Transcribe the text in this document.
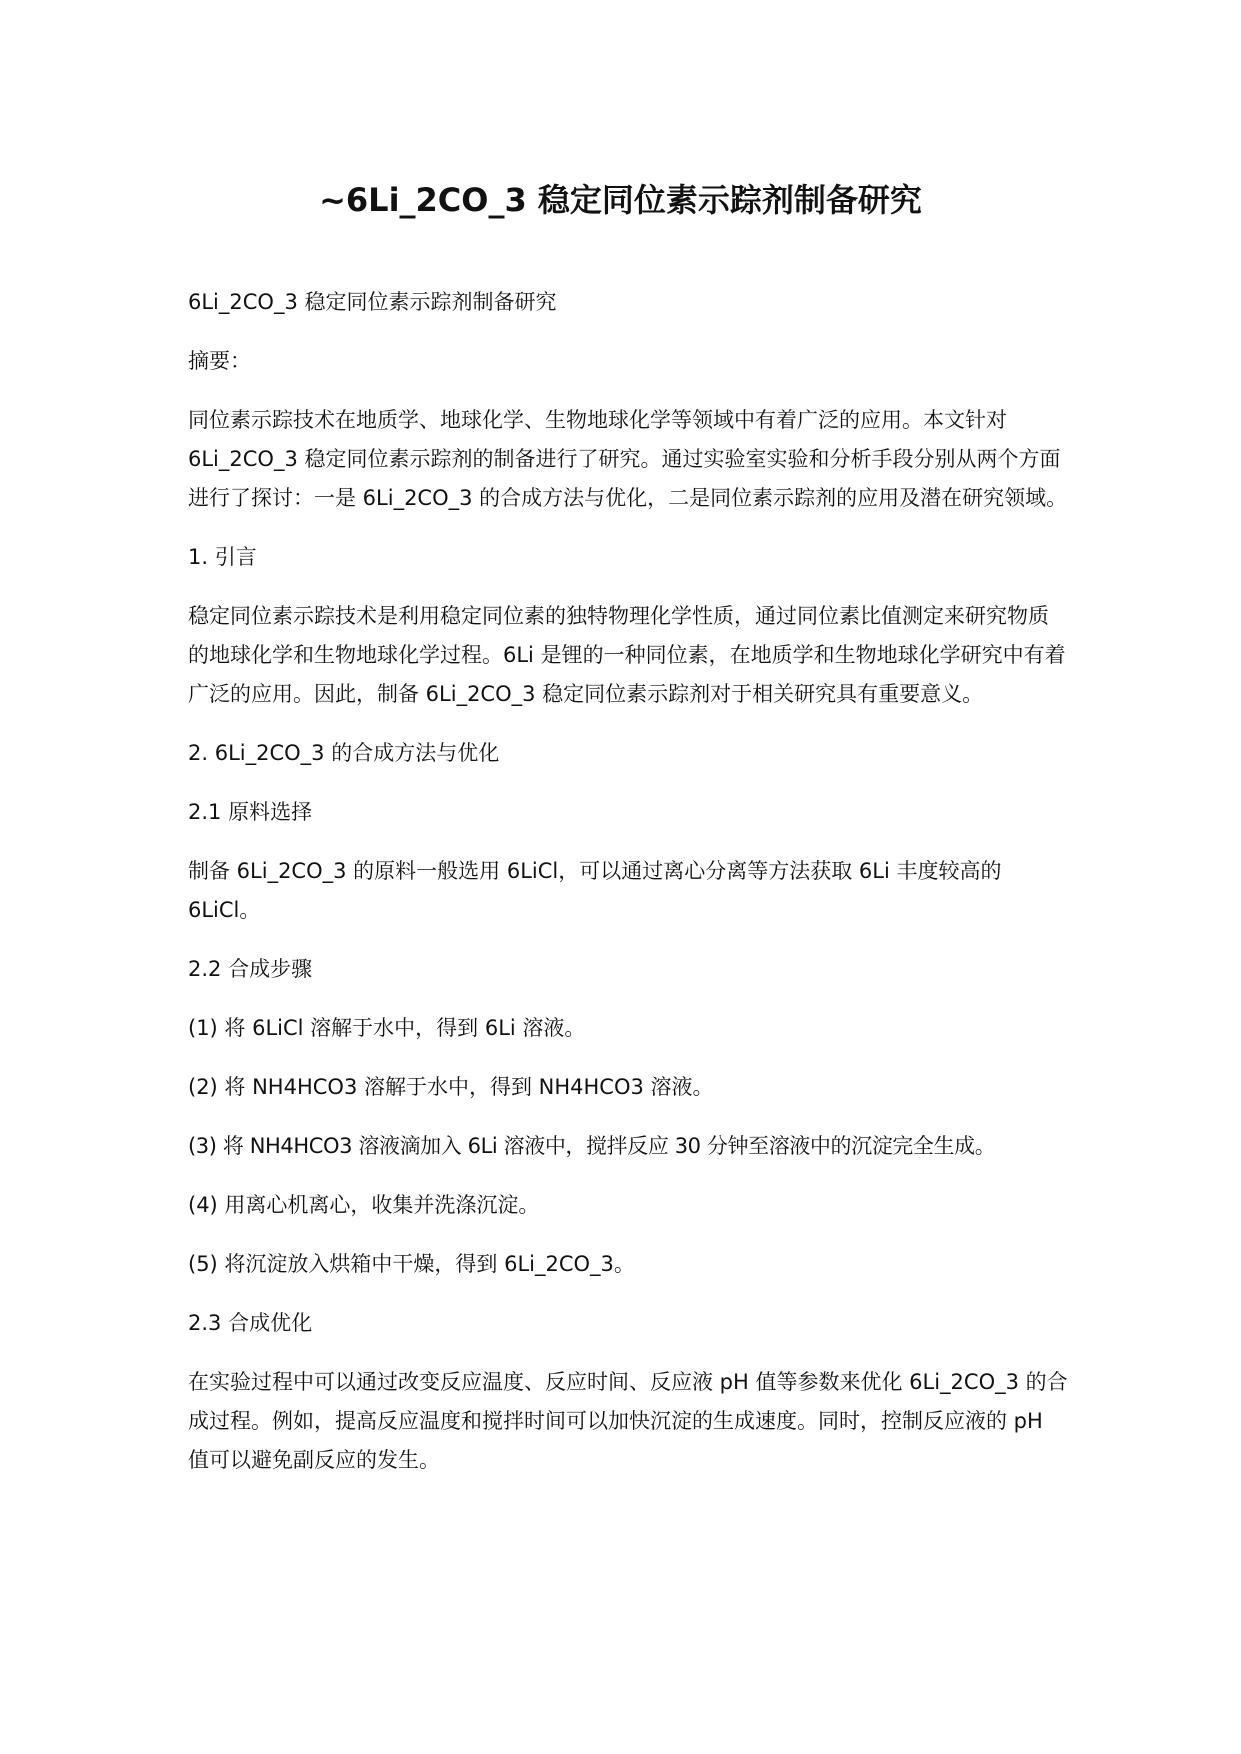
~6Li_2CO_3 稳定同位素示踪剂制备研究

6Li_2CO_3 稳定同位素示踪剂制备研究

摘要：

同位素示踪技术在地质学、地球化学、生物地球化学等领域中有着广泛的应用。本文针对 6Li_2CO_3 稳定同位素示踪剂的制备进行了研究。通过实验室实验和分析手段分别从两个方面进行了探讨：一是 6Li_2CO_3 的合成方法与优化，二是同位素示踪剂的应用及潜在研究领域。

1. 引言

稳定同位素示踪技术是利用稳定同位素的独特物理化学性质，通过同位素比值测定来研究物质的地球化学和生物地球化学过程。6Li 是锂的一种同位素，在地质学和生物地球化学研究中有着广泛的应用。因此，制备 6Li_2CO_3 稳定同位素示踪剂对于相关研究具有重要意义。

2. 6Li_2CO_3 的合成方法与优化

2.1 原料选择

制备 6Li_2CO_3 的原料一般选用 6LiCl，可以通过离心分离等方法获取 6Li 丰度较高的 6LiCl。

2.2 合成步骤

(1) 将 6LiCl 溶解于水中，得到 6Li 溶液。

(2) 将 NH4HCO3 溶解于水中，得到 NH4HCO3 溶液。

(3) 将 NH4HCO3 溶液滴加入 6Li 溶液中，搅拌反应 30 分钟至溶液中的沉淀完全生成。

(4) 用离心机离心，收集并洗涤沉淀。

(5) 将沉淀放入烘箱中干燥，得到 6Li_2CO_3。

2.3 合成优化

在实验过程中可以通过改变反应温度、反应时间、反应液 pH 值等参数来优化 6Li_2CO_3 的合成过程。例如，提高反应温度和搅拌时间可以加快沉淀的生成速度。同时，控制反应液的 pH 值可以避免副反应的发生。
